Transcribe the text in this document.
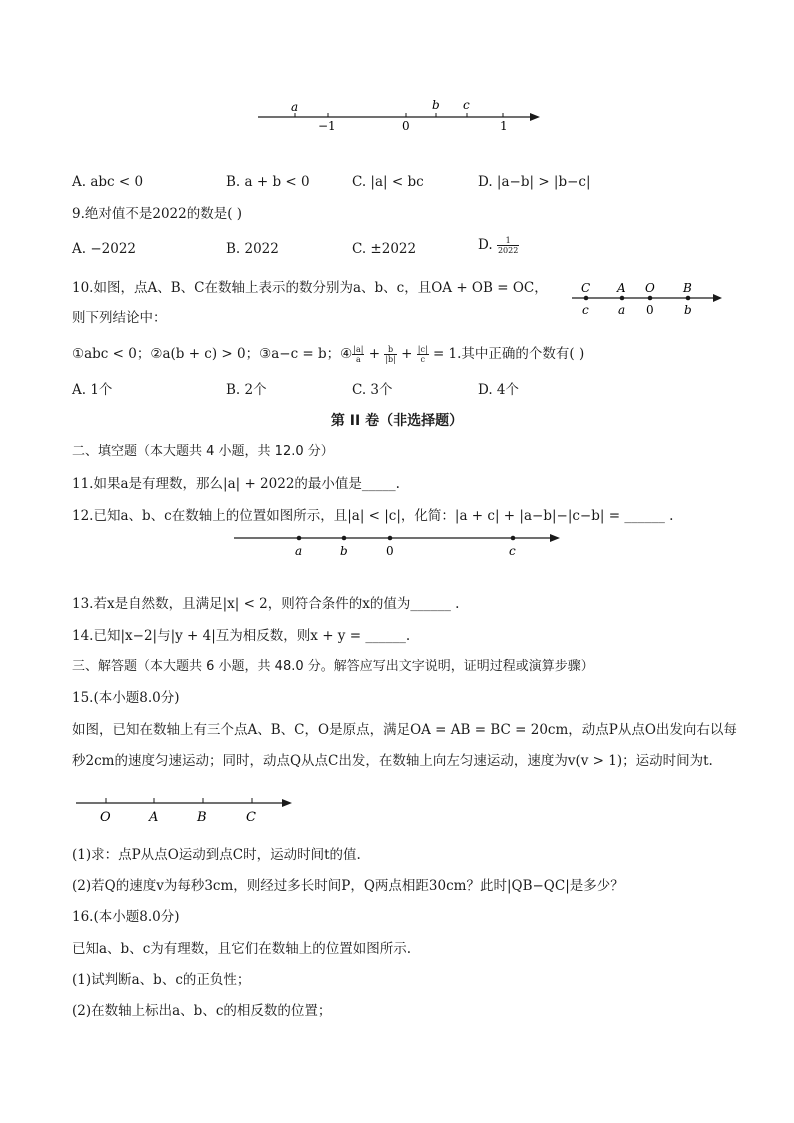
a
−1	0
b c
1
A. abc < 0	B. a + b < 0	C. |a| < bc	D. |a−b| > |b−c|
9.绝对值不是2022的数是( )
A. −2022	B. 2022	C. ±2022	D. $\frac{1}{2022}$
10.如图，点A、B、C在数轴上表示的数分别为a、b、c，且OA + OB = OC，
则下列结论中：
C A O B
c a 0	b
①abc < 0；②a(b + c) > 0；③a−c = b；④ $\frac{|a|}{a} + \frac{b}{|b|} + \frac{|c|}{c} = 1$.其中正确的个数有( )
A. 1个	B. 2个	C. 3个	D. 4个
第 II 卷（非选择题）
二、填空题（本大题共 4 小题，共 12.0 分）
11.如果a是有理数，那么|a| + 2022的最小值是_____.
12.已知a、b、c在数轴上的位置如图所示，且|a| < |c|，化简：|a + c| + |a−b|−|c−b| = ______ .
a	b	0	c
13.若x是自然数，且满足|x| < 2，则符合条件的x的值为______ .
14.已知|x−2|与|y + 4|互为相反数，则x + y = ______.
三、解答题（本大题共 6 小题，共 48.0 分。解答应写出文字说明，证明过程或演算步骤）
15.(本小题8.0分)
如图，已知在数轴上有三个点A、B、C，O是原点，满足OA = AB = BC = 20cm，动点P从点O出发向右以每
秒2cm的速度匀速运动；同时，动点Q从点C出发，在数轴上向左匀速运动，速度为v(v > 1)；运动时间为t.
O	A	B	C
(1)求：点P从点O运动到点C时，运动时间t的值.
(2)若Q的速度v为每秒3cm，则经过多长时间P，Q两点相距30cm？此时|QB−QC|是多少？
16.(本小题8.0分)
已知a、b、c为有理数，且它们在数轴上的位置如图所示.
(1)试判断a、b、c的正负性；
(2)在数轴上标出a、b、c的相反数的位置；
